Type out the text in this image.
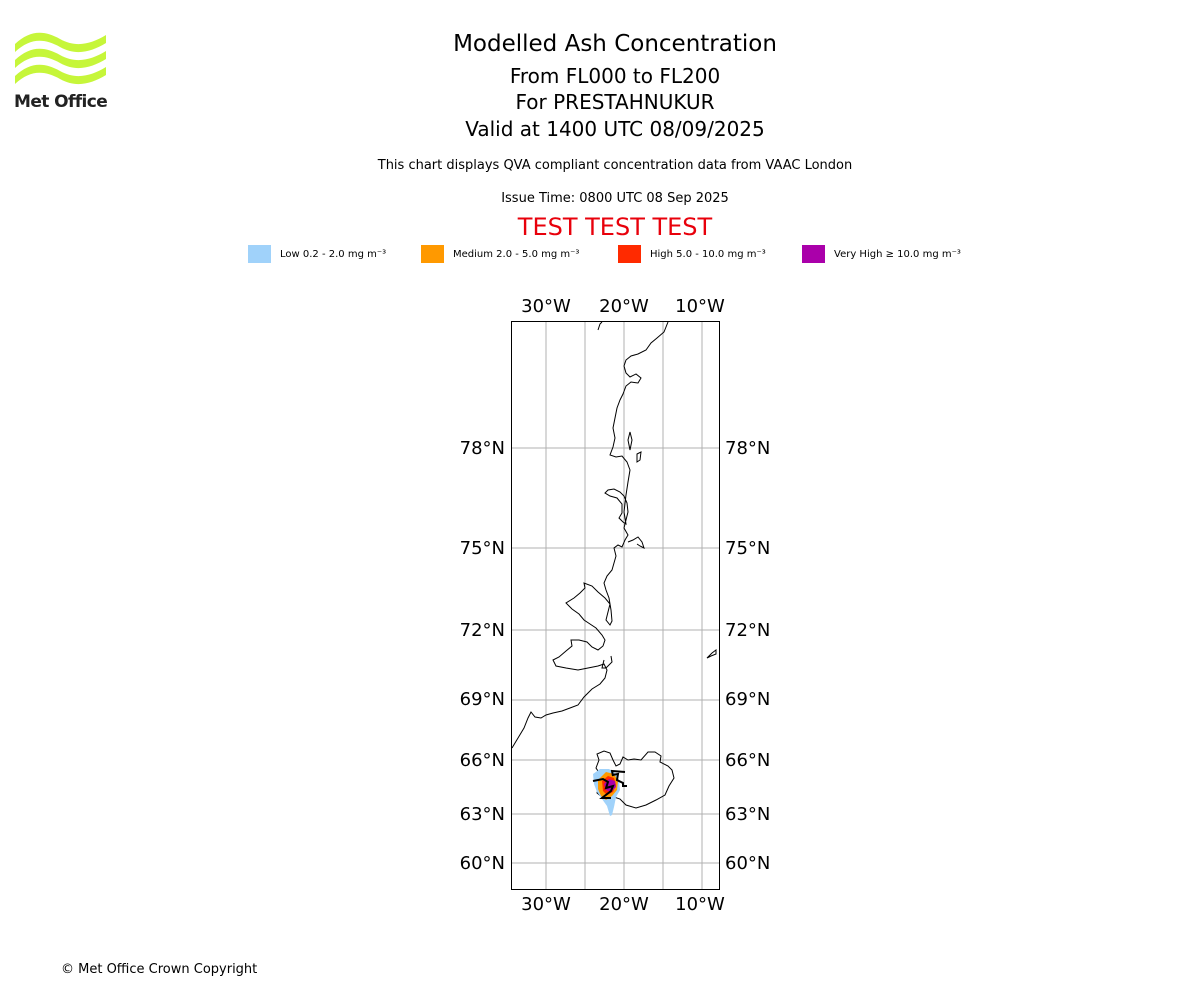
Met Office
Modelled Ash Concentration
From FL000 to FL200
For PRESTAHNUKUR
Valid at 1400 UTC 08/09/2025
This chart displays QVA compliant concentration data from VAAC London
Issue Time: 0800 UTC 08 Sep 2025
TEST TEST TEST
Low 0.2 - 2.0 mg m⁻³	Medium 2.0 - 5.0 mg m⁻³	High 5.0 - 10.0 mg m⁻³	Very High ≥ 10.0 mg m⁻³
30°W 20°W 10°W
30°W 20°W 10°W
78°N
75°N
72°N
69°N
66°N
63°N
60°N
78°N
75°N
72°N
69°N
66°N
63°N
60°N
© Met Office Crown Copyright
